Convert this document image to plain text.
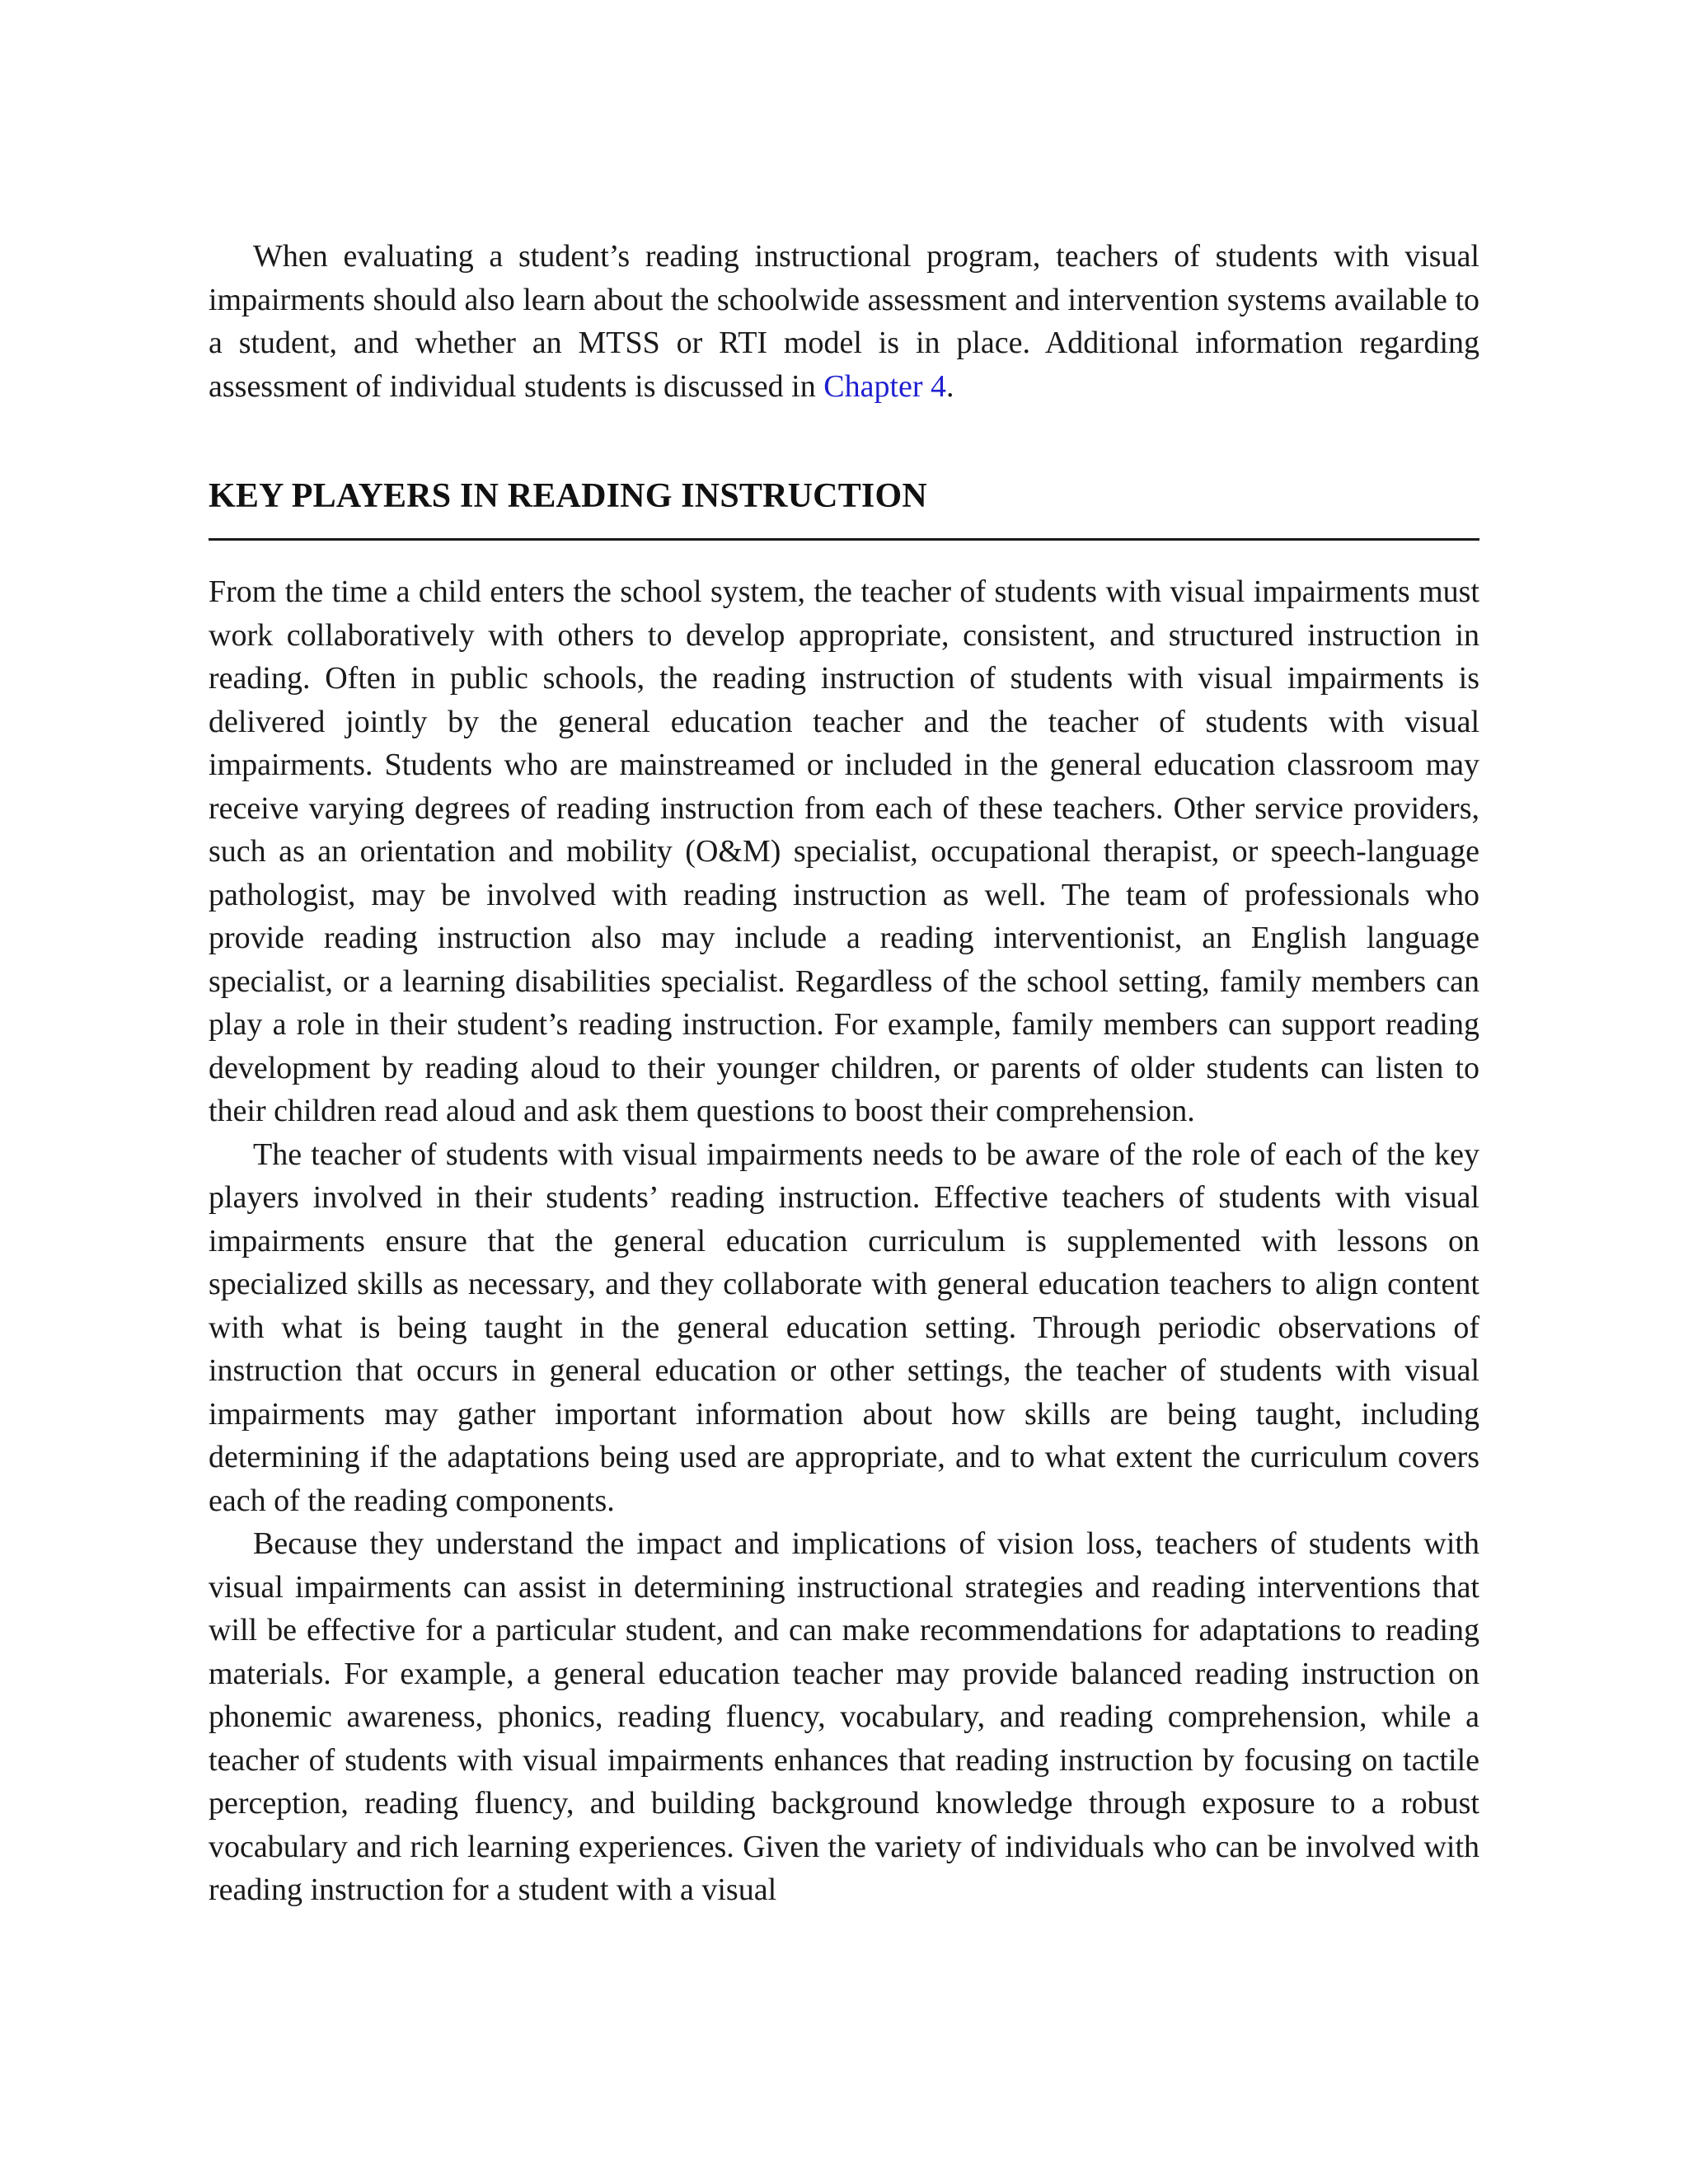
When evaluating a student’s reading instructional program, teachers of students with visual impairments should also learn about the schoolwide assessment and intervention systems available to a student, and whether an MTSS or RTI model is in place. Additional information regarding assessment of individual students is discussed in Chapter 4.

KEY PLAYERS IN READING INSTRUCTION

From the time a child enters the school system, the teacher of students with visual impairments must work collaboratively with others to develop appropriate, consistent, and structured instruction in reading. Often in public schools, the reading instruction of students with visual impairments is delivered jointly by the general education teacher and the teacher of students with visual impairments. Students who are mainstreamed or included in the general education classroom may receive varying degrees of reading instruction from each of these teachers. Other service providers, such as an orientation and mobility (O&M) specialist, occupational therapist, or speech-language pathologist, may be involved with reading instruction as well. The team of professionals who provide reading instruction also may include a reading interventionist, an English language specialist, or a learning disabilities specialist. Regardless of the school setting, family members can play a role in their student’s reading instruction. For example, family members can support reading development by reading aloud to their younger children, or parents of older students can listen to their children read aloud and ask them questions to boost their comprehension.

The teacher of students with visual impairments needs to be aware of the role of each of the key players involved in their students’ reading instruction. Effective teachers of students with visual impairments ensure that the general education curriculum is supplemented with lessons on specialized skills as necessary, and they collaborate with general education teachers to align content with what is being taught in the general education setting. Through periodic observations of instruction that occurs in general education or other settings, the teacher of students with visual impairments may gather important information about how skills are being taught, including determining if the adaptations being used are appropriate, and to what extent the curriculum covers each of the reading components.

Because they understand the impact and implications of vision loss, teachers of students with visual impairments can assist in determining instructional strategies and reading interventions that will be effective for a particular student, and can make recommendations for adaptations to reading materials. For example, a general education teacher may provide balanced reading instruction on phonemic awareness, phonics, reading fluency, vocabulary, and reading comprehension, while a teacher of students with visual impairments enhances that reading instruction by focusing on tactile perception, reading fluency, and building background knowledge through exposure to a robust vocabulary and rich learning experiences. Given the variety of individuals who can be involved with reading instruction for a student with a visual
